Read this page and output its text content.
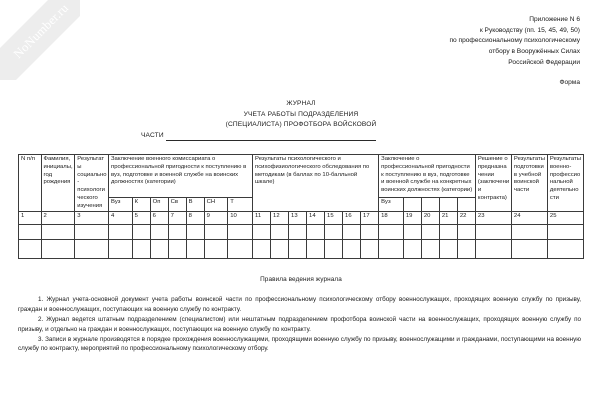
NoNumber.ru	Приложение N 6
к Руководству (пп. 15, 45, 49, 50)
по профессиональному психологическому
отбору в Вооружённых Силах
Российской Федерации
Форма
ЖУРНАЛ
УЧЕТА РАБОТЫ ПОДРАЗДЕЛЕНИЯ
(СПЕЦИАЛИСТА) ПРОФОТБОРА ВОЙСКОВОЙ
ЧАСТИ
N п/п	Фамилия, инициалы, год рождения	Результаты социально - психологического изучения	Заключение военного комиссариата о профессиональной пригодности к поступлению в вуз, подготовке и военной службе на воинских должностях (категории)							Результаты психологического и психофизиологического обследования по методикам (в баллах по 10-балльной шкале)							Заключение о профессиональной пригодности к поступлению в вуз, подготовке и военной службе на конкретных воинских должностях (категории)					Решение о предназначении (заключении контракта)	Результаты подготовки в учебной воинской части	Результаты военно-профессиональной деятельности
			Вуз	К	Оп	Св	В	СН	Т								Вуз							
1	2	3	4	5	6	7	8	9	10	11	12	13	14	15	16	17	18	19	20	21	22	23	24	25

Правила ведения журнала

1. Журнал учета-основной документ учета работы воинской части по профессиональному психологическому отбору военнослужащих, проходящих военную службу по призыву, граждан и военнослужащих, поступающих на военную службу по контракту.

2. Журнал ведется штатным подразделением (специалистом) или нештатным подразделением профотбора воинской части на военнослужащих, проходящих военную службу по призыву, и отдельно на граждан и военнослужащих, поступающих на военную службу по контракту.

3. Записи в журнале производятся в порядке прохождения военнослужащими, проходящими военную службу по призыву, военнослужащими и гражданами, поступающими на военную службу по контракту, мероприятий по профессиональному психологическому отбору.
